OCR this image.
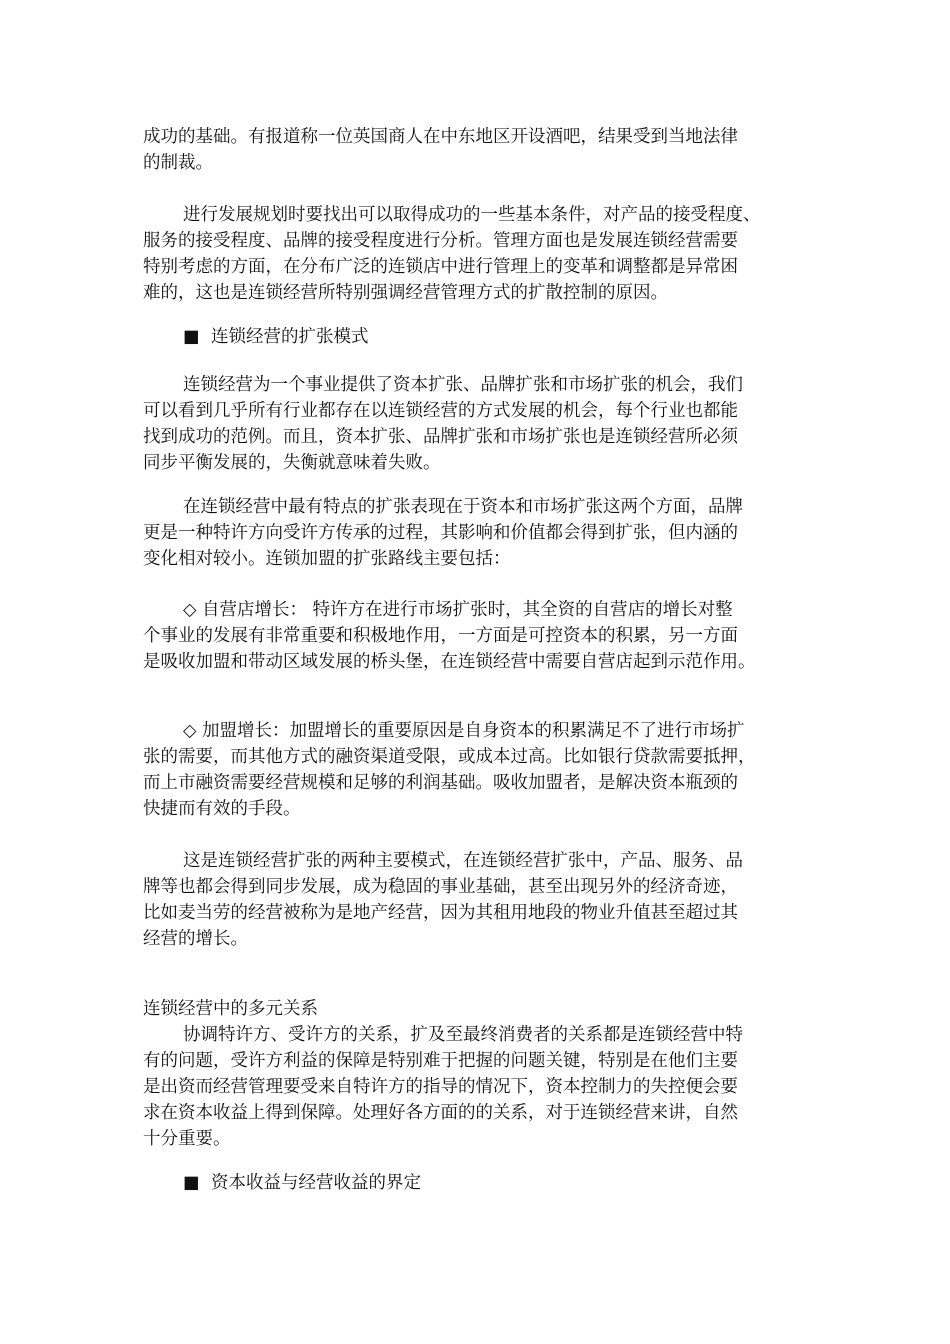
成功的基础。有报道称一位英国商人在中东地区开设酒吧，结果受到当地法律
的制裁。
进行发展规划时要找出可以取得成功的一些基本条件，对产品的接受程度、
服务的接受程度、品牌的接受程度进行分析。管理方面也是发展连锁经营需要
特别考虑的方面，在分布广泛的连锁店中进行管理上的变革和调整都是异常困
难的，这也是连锁经营所特别强调经营管理方式的扩散控制的原因。
■ 连锁经营的扩张模式
连锁经营为一个事业提供了资本扩张、品牌扩张和市场扩张的机会，我们
可以看到几乎所有行业都存在以连锁经营的方式发展的机会，每个行业也都能
找到成功的范例。而且，资本扩张、品牌扩张和市场扩张也是连锁经营所必须
同步平衡发展的，失衡就意味着失败。
在连锁经营中最有特点的扩张表现在于资本和市场扩张这两个方面，品牌
更是一种特许方向受许方传承的过程，其影响和价值都会得到扩张，但内涵的
变化相对较小。连锁加盟的扩张路线主要包括：
◇ 自营店增长： 特许方在进行市场扩张时，其全资的自营店的增长对整
个事业的发展有非常重要和积极地作用，一方面是可控资本的积累，另一方面
是吸收加盟和带动区域发展的桥头堡，在连锁经营中需要自营店起到示范作用。
◇ 加盟增长：加盟增长的重要原因是自身资本的积累满足不了进行市场扩
张的需要，而其他方式的融资渠道受限，或成本过高。比如银行贷款需要抵押，
而上市融资需要经营规模和足够的利润基础。吸收加盟者，是解决资本瓶颈的
快捷而有效的手段。
这是连锁经营扩张的两种主要模式，在连锁经营扩张中，产品、服务、品
牌等也都会得到同步发展，成为稳固的事业基础，甚至出现另外的经济奇迹，
比如麦当劳的经营被称为是地产经营，因为其租用地段的物业升值甚至超过其
经营的增长。
连锁经营中的多元关系
协调特许方、受许方的关系，扩及至最终消费者的关系都是连锁经营中特
有的问题，受许方利益的保障是特别难于把握的问题关键，特别是在他们主要
是出资而经营管理要受来自特许方的指导的情况下，资本控制力的失控便会要
求在资本收益上得到保障。处理好各方面的的关系，对于连锁经营来讲，自然
十分重要。
■ 资本收益与经营收益的界定
